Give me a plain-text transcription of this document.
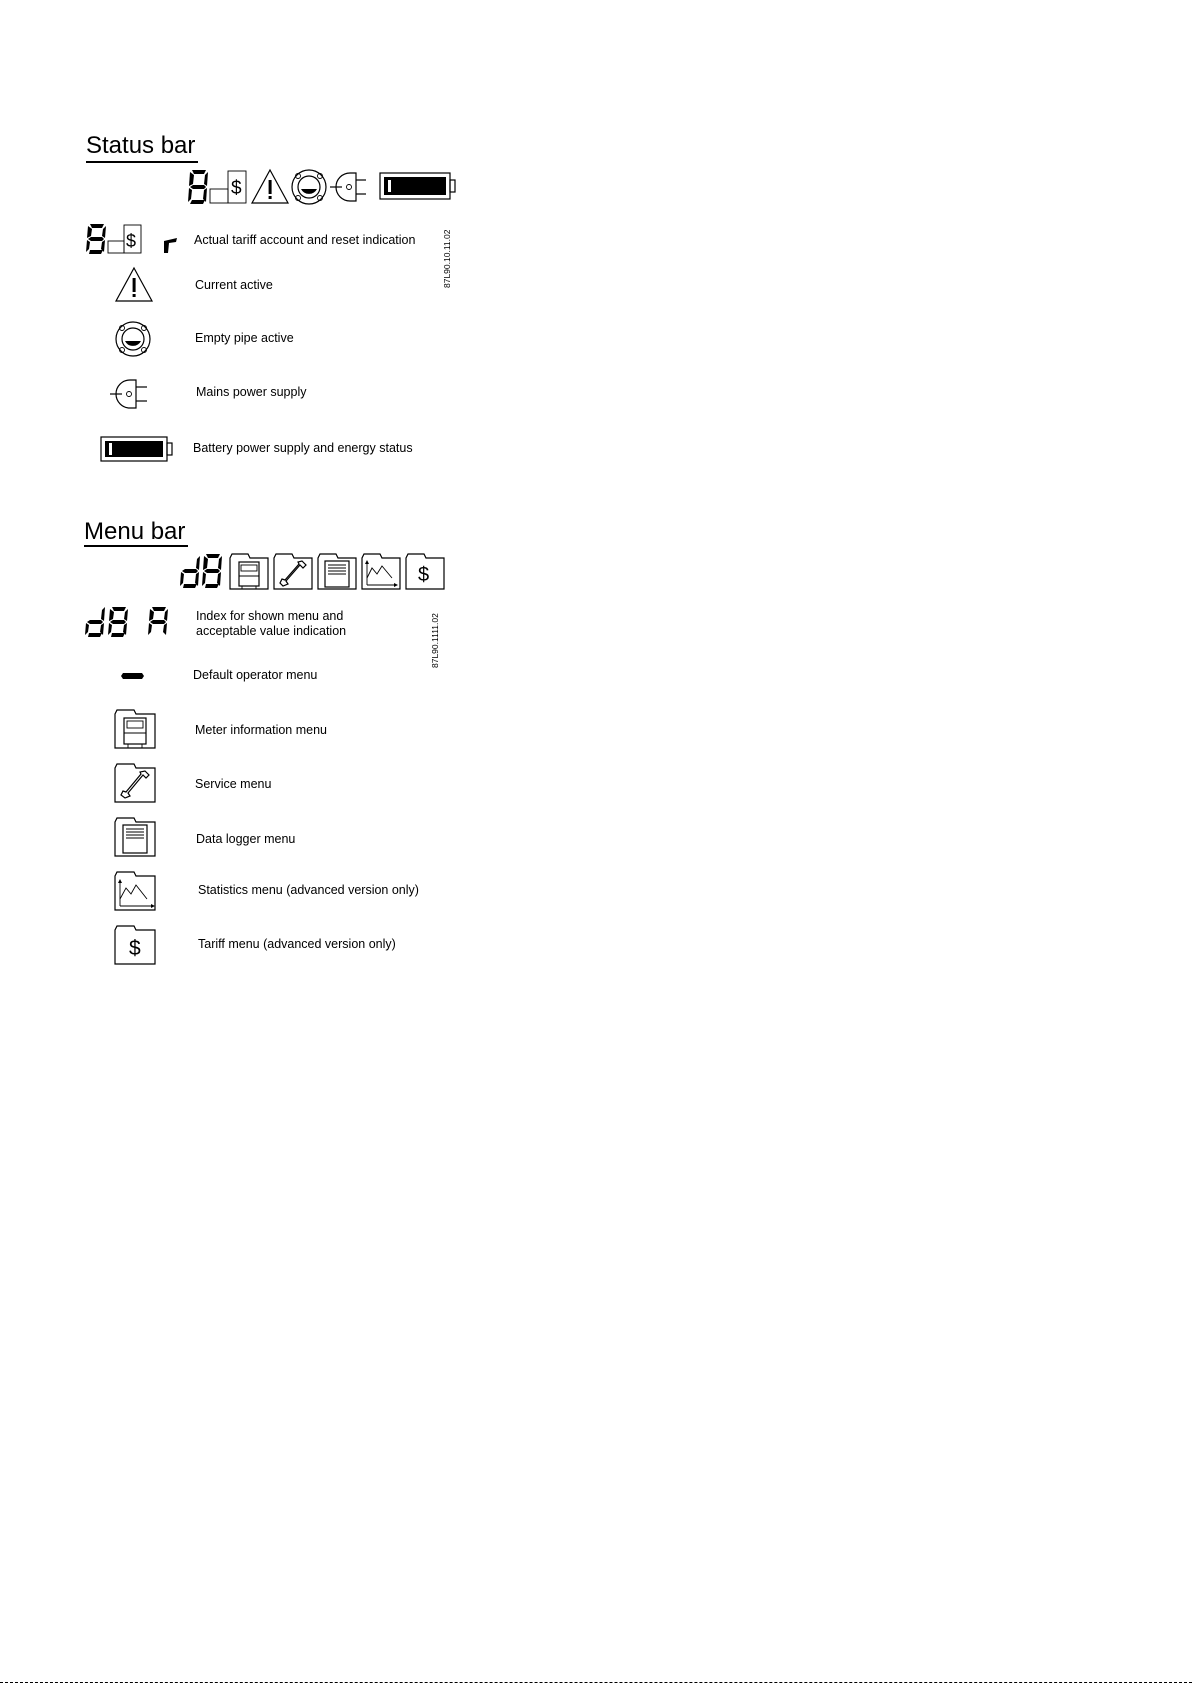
Status bar
$
$	Actual tariff account and reset indication
Current active
Empty pipe active
Mains power supply
Battery power supply and energy status
87L90.10.11.02
Menu bar
$
Index for shown menu and
acceptable value indication	87L90.1111.02
Default operator menu
Meter information menu
Service menu
Data logger menu
Statistics menu (advanced version only)
$	Tariff menu (advanced version only)
